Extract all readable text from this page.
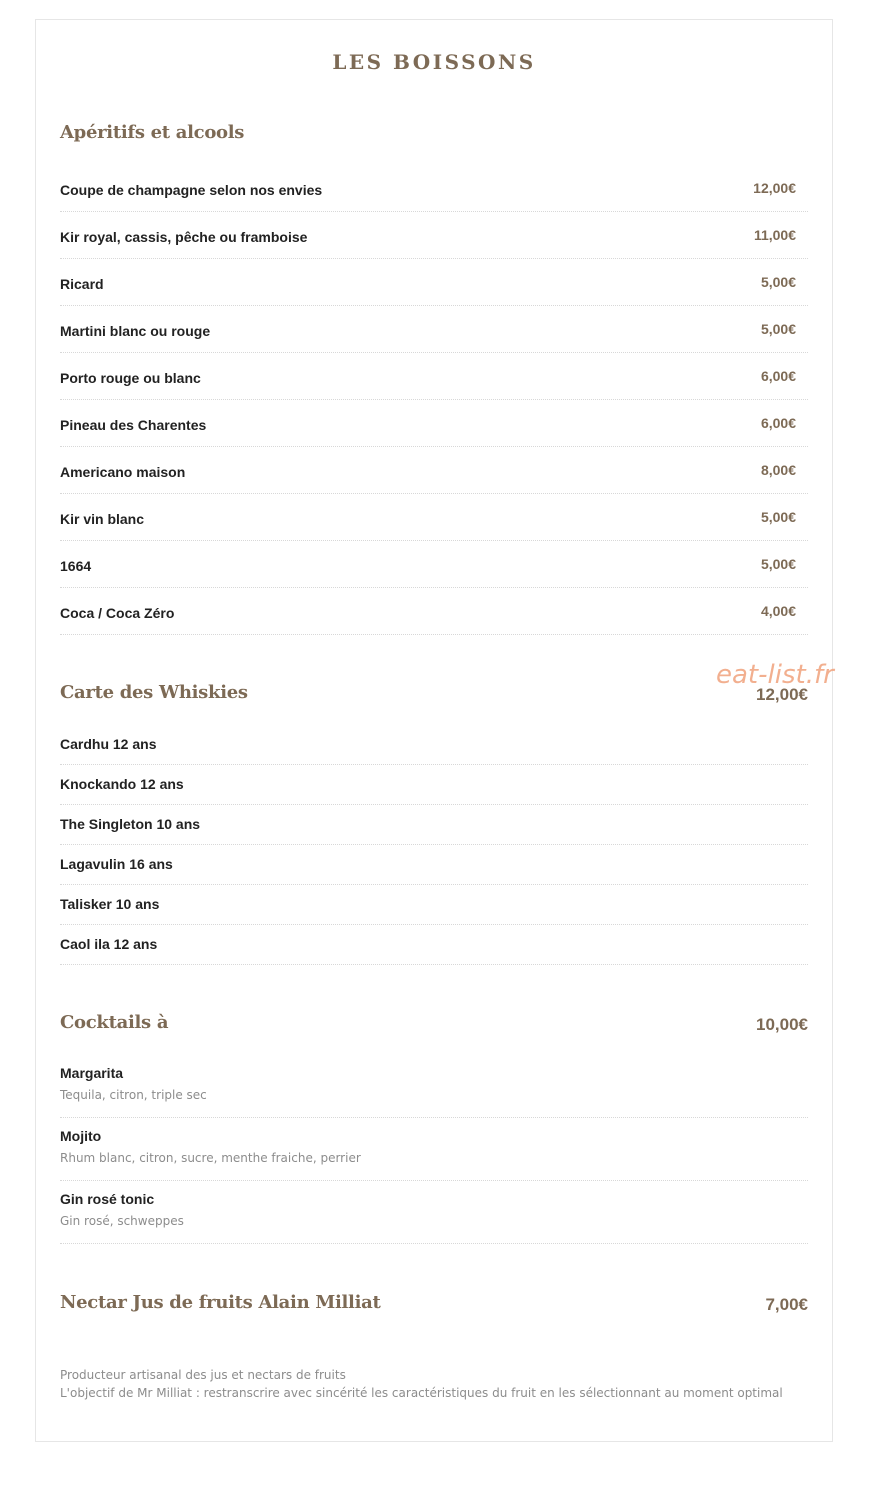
LES BOISSONS
Apéritifs et alcools
Coupe de champagne selon nos envies	12,00€
Kir royal, cassis, pêche ou framboise	11,00€
Ricard	5,00€
Martini blanc ou rouge	5,00€
Porto rouge ou blanc	6,00€
Pineau des Charentes	6,00€
Americano maison	8,00€
Kir vin blanc	5,00€
1664	5,00€
Coca / Coca Zéro	4,00€
Carte des Whiskies	12,00€
Cardhu 12 ans
Knockando 12 ans
The Singleton 10 ans
Lagavulin 16 ans
Talisker 10 ans
Caol ila 12 ans
Cocktails à	10,00€
Margarita
Tequila, citron, triple sec
Mojito
Rhum blanc, citron, sucre, menthe fraiche, perrier
Gin rosé tonic
Gin rosé, schweppes
Nectar Jus de fruits Alain Milliat	7,00€
Producteur artisanal des jus et nectars de fruits
L'objectif de Mr Milliat : restranscrire avec sincérité les caractéristiques du fruit en les sélectionnant au moment optimal
eat-list.fr
